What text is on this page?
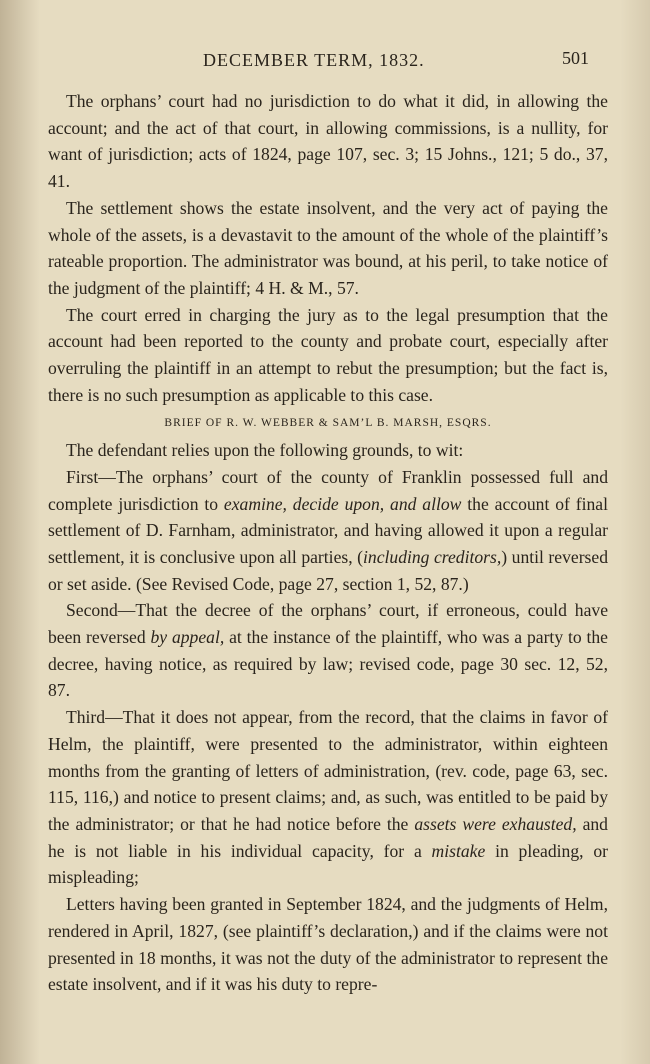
DECEMBER TERM, 1832.	501

The orphans’ court had no jurisdiction to do what it did, in allowing the account; and the act of that court, in allowing commissions, is a nullity, for want of jurisdiction; acts of 1824, page 107, sec. 3; 15 Johns., 121; 5 do., 37, 41.

The settlement shows the estate insolvent, and the very act of paying the whole of the assets, is a devastavit to the amount of the whole of the plaintiff’s rateable proportion. The administrator was bound, at his peril, to take notice of the judgment of the plaintiff; 4 H. & M., 57.

The court erred in charging the jury as to the legal presumption that the account had been reported to the county and probate court, especially after overruling the plaintiff in an attempt to rebut the presumption; but the fact is, there is no such presumption as applicable to this case.

BRIEF OF R. W. WEBBER & SAM’L B. MARSH, ESQRS.

The defendant relies upon the following grounds, to wit:

First—The orphans’ court of the county of Franklin possessed full and complete jurisdiction to examine, decide upon, and allow the account of final settlement of D. Farnham, administrator, and having allowed it upon a regular settlement, it is conclusive upon all parties, (including creditors,) until reversed or set aside. (See Revised Code, page 27, section 1, 52, 87.)

Second—That the decree of the orphans’ court, if erroneous, could have been reversed by appeal, at the instance of the plaintiff, who was a party to the decree, having notice, as required by law; revised code, page 30 sec. 12, 52, 87.

Third—That it does not appear, from the record, that the claims in favor of Helm, the plaintiff, were presented to the administrator, within eighteen months from the granting of letters of administration, (rev. code, page 63, sec. 115, 116,) and notice to present claims; and, as such, was entitled to be paid by the administrator; or that he had notice before the assets were exhausted, and he is not liable in his individual capacity, for a mistake in pleading, or mispleading;

Letters having been granted in September 1824, and the judgments of Helm, rendered in April, 1827, (see plaintiff’s declaration,) and if the claims were not presented in 18 months, it was not the duty of the administrator to represent the estate insolvent, and if it was his duty to repre-
